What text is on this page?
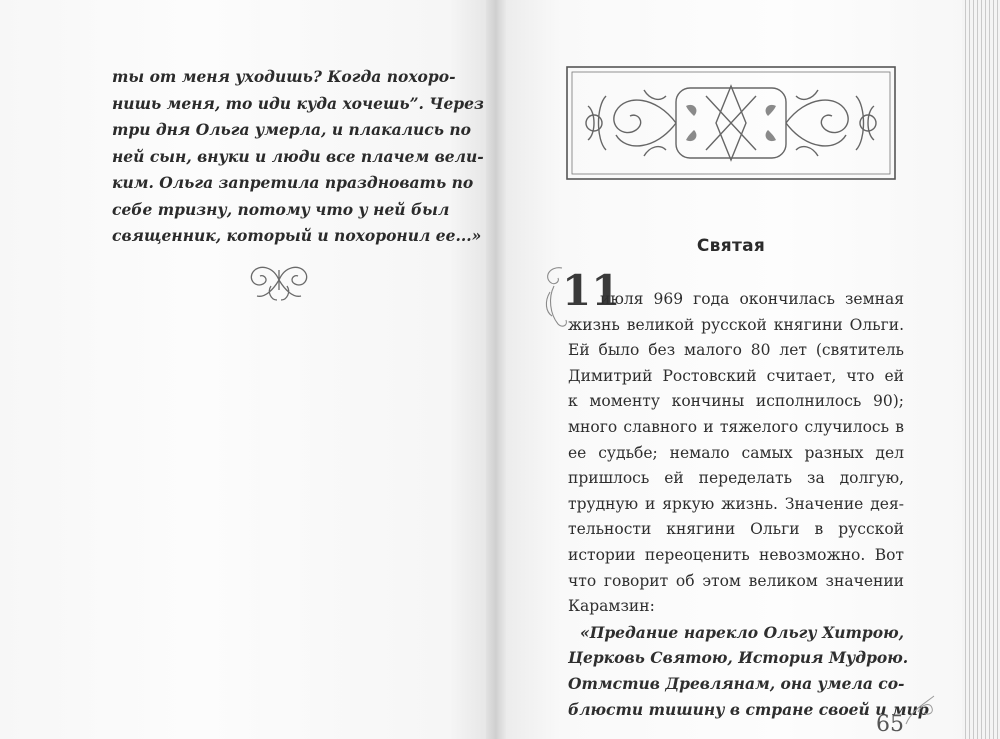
ты от меня уходишь? Когда похоро-
нишь меня, то иди куда хочешь”. Через
три дня Ольга умерла, и плакались по
ней сын, внуки и люди все плачем вели-
ким. Ольга запретила праздновать по
себе тризну, потому что у ней был
священник, который и похоронил ее...»
Святая
11
июля 969 года окончилась земная
жизнь великой русской княгини Ольги.
Ей было без малого 80 лет (святитель
Димитрий Ростовский считает, что ей
к моменту кончины исполнилось 90);
много славного и тяжелого случилось в
ее судьбе; немало самых разных дел
пришлось ей переделать за долгую,
трудную и яркую жизнь. Значение дея-
тельности княгини Ольги в русской
истории переоценить невозможно. Вот
что говорит об этом великом значении
Карамзин:
«Предание нарекло Ольгу Хитрою,
Церковь Святою, История Мудрою.
Отмстив Древлянам, она умела со-
блюсти тишину в стране своей и мир
65
